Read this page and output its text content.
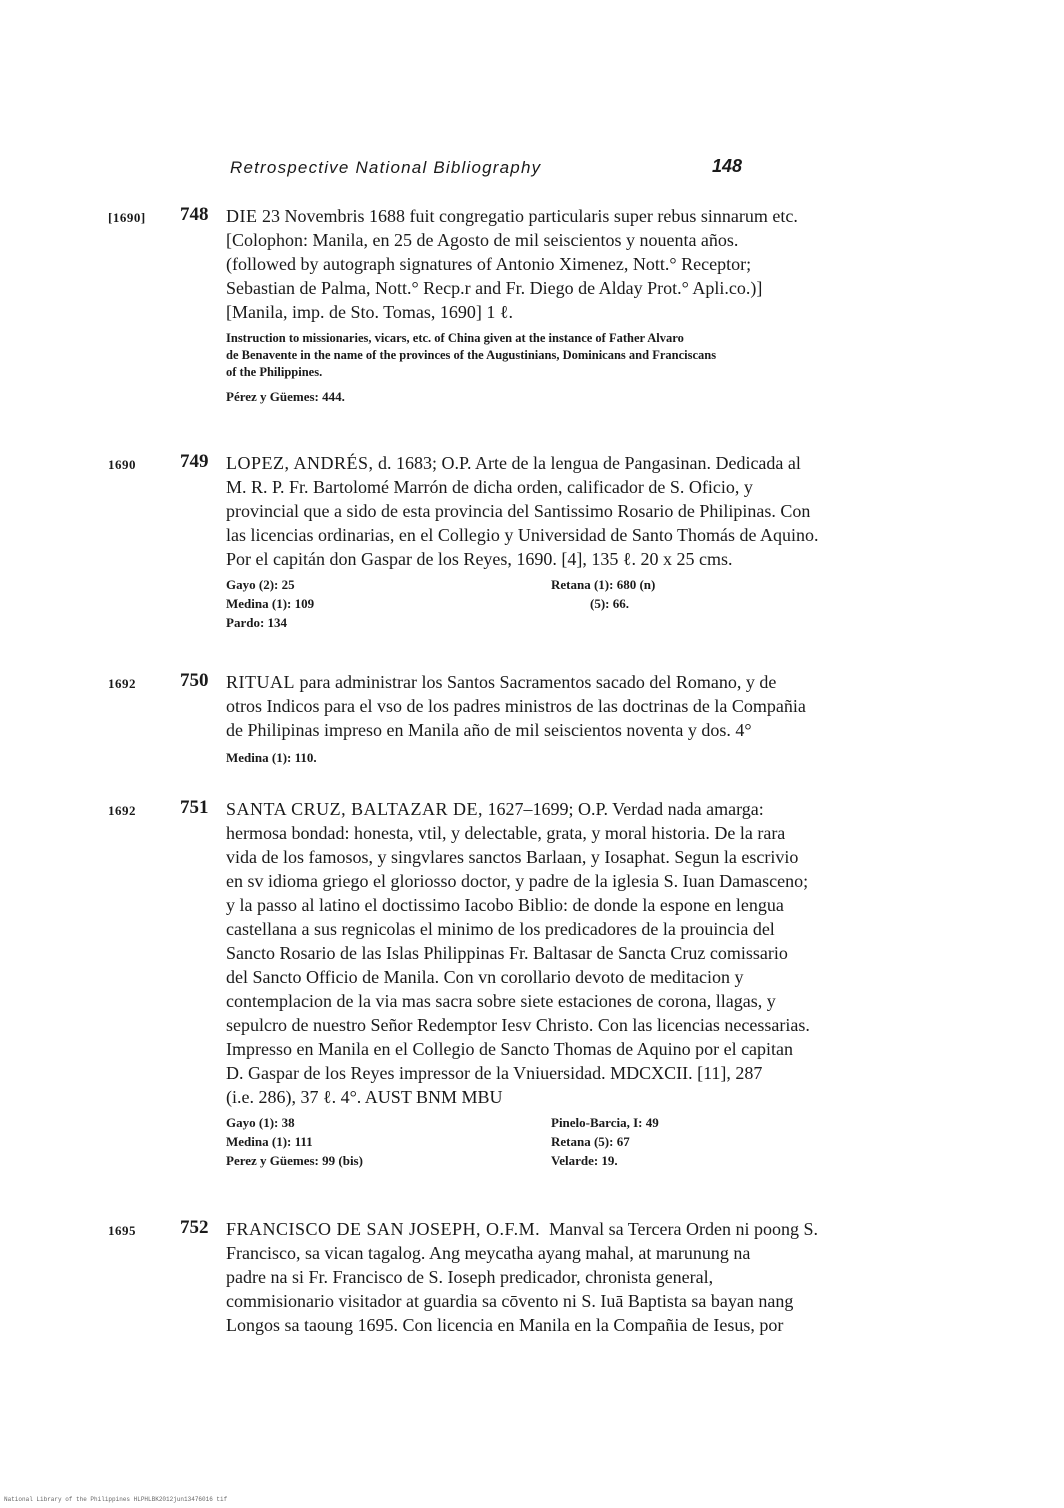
Retrospective National Bibliography	148
[1690] 748 DIE 23 Novembris 1688 fuit congregatio particularis super rebus sinnarum etc.
[Colophon: Manila, en 25 de Agosto de mil seiscientos y nouenta años.
(followed by autograph signatures of Antonio Ximenez, Nott.° Receptor;
Sebastian de Palma, Nott.° Recp.r and Fr. Diego de Alday Prot.° Apli.co.)]
[Manila, imp. de Sto. Tomas, 1690] 1 ℓ.
Instruction to missionaries, vicars, etc. of China given at the instance of Father Alvaro
de Benavente in the name of the provinces of the Augustinians, Dominicans and Franciscans
of the Philippines.
Pérez y Güemes: 444.
1690 749 LOPEZ, ANDRÉS, d. 1683; O.P. Arte de la lengua de Pangasinan. Dedicada al
M. R. P. Fr. Bartolomé Marrón de dicha orden, calificador de S. Oficio, y
provincial que a sido de esta provincia del Santissimo Rosario de Philipinas. Con
las licencias ordinarias, en el Collegio y Universidad de Santo Thomás de Aquino.
Por el capitán don Gaspar de los Reyes, 1690. [4], 135 ℓ. 20 x 25 cms.
Gayo (2): 25
Medina (1): 109
Pardo: 134
Retana (1): 680 (n)
(5): 66.
1692 750 RITUAL para administrar los Santos Sacramentos sacado del Romano, y de
otros Indicos para el vso de los padres ministros de las doctrinas de la Compañia
de Philipinas impreso en Manila año de mil seiscientos noventa y dos. 4°
Medina (1): 110.
1692 751 SANTA CRUZ, BALTAZAR DE, 1627–1699; O.P. Verdad nada amarga:
hermosa bondad: honesta, vtil, y delectable, grata, y moral historia. De la rara
vida de los famosos, y singvlares sanctos Barlaan, y Iosaphat. Segun la escrivio
en sv idioma griego el gloriosso doctor, y padre de la iglesia S. Iuan Damasceno;
y la passo al latino el doctissimo Iacobo Biblio: de donde la espone en lengua
castellana a sus regnicolas el minimo de los predicadores de la prouincia del
Sancto Rosario de las Islas Philippinas Fr. Baltasar de Sancta Cruz comissario
del Sancto Officio de Manila. Con vn corollario devoto de meditacion y
contemplacion de la via mas sacra sobre siete estaciones de corona, llagas, y
sepulcro de nuestro Señor Redemptor Iesv Christo. Con las licencias necessarias.
Impresso en Manila en el Collegio de Sancto Thomas de Aquino por el capitan
D. Gaspar de los Reyes impressor de la Vniuersidad. MDCXCII. [11], 287
(i.e. 286), 37 ℓ. 4°. AUST BNM MBU
Gayo (1): 38
Medina (1): 111
Perez y Güemes: 99 (bis)
Pinelo-Barcia, I: 49
Retana (5): 67
Velarde: 19.
1695 752 FRANCISCO DE SAN JOSEPH, O.F.M.  Manval sa Tercera Orden ni poong S.
Francisco, sa vican tagalog. Ang meycatha ayang mahal, at marunung na
padre na si Fr. Francisco de S. Ioseph predicador, chronista general,
commisionario visitador at guardia sa cōvento ni S. Iuā Baptista sa bayan nang
Longos sa taoung 1695. Con licencia en Manila en la Compañia de Iesus, por
National Library of the Philippines HLPHLBK2012jun13476016 tif
